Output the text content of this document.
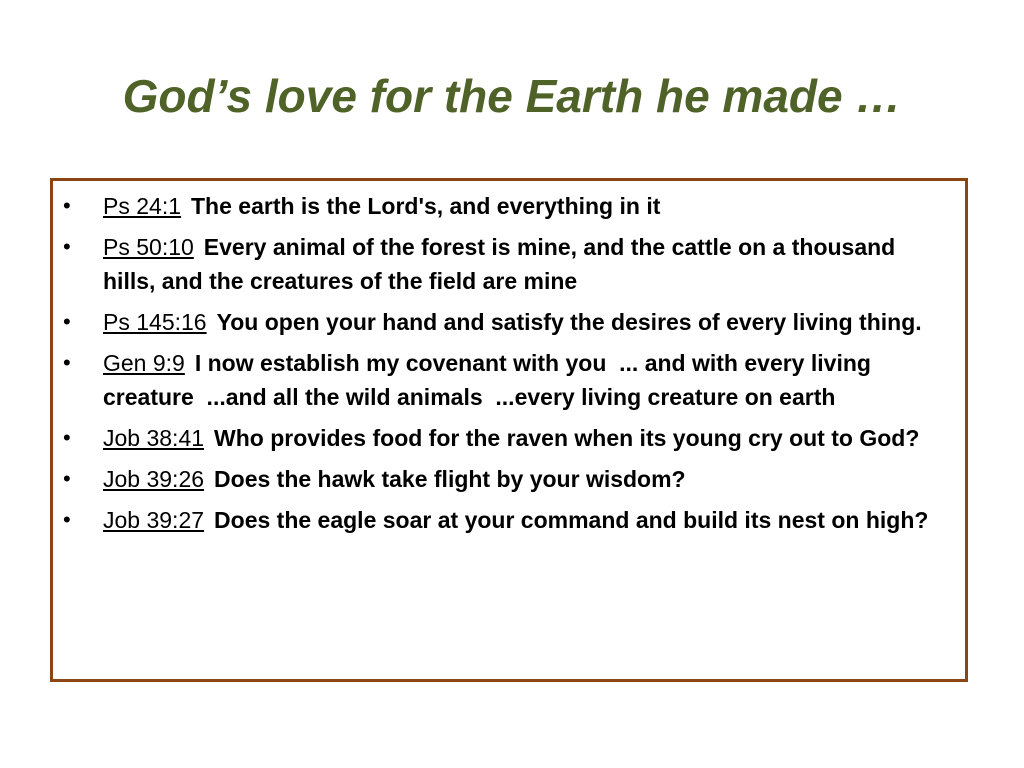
God’s love for the Earth he made …
• Ps 24:1 The earth is the Lord's, and everything in it
• Ps 50:10 Every animal of the forest is mine, and the cattle on a thousand hills, and the creatures of the field are mine
• Ps 145:16 You open your hand and satisfy the desires of every living thing.
• Gen 9:9 I now establish my covenant with you  ... and with every living creature  ...and all the wild animals  ...every living creature on earth
• Job 38:41 Who provides food for the raven when its young cry out to God?
• Job 39:26 Does the hawk take flight by your wisdom?
• Job 39:27 Does the eagle soar at your command and build its nest on high?
